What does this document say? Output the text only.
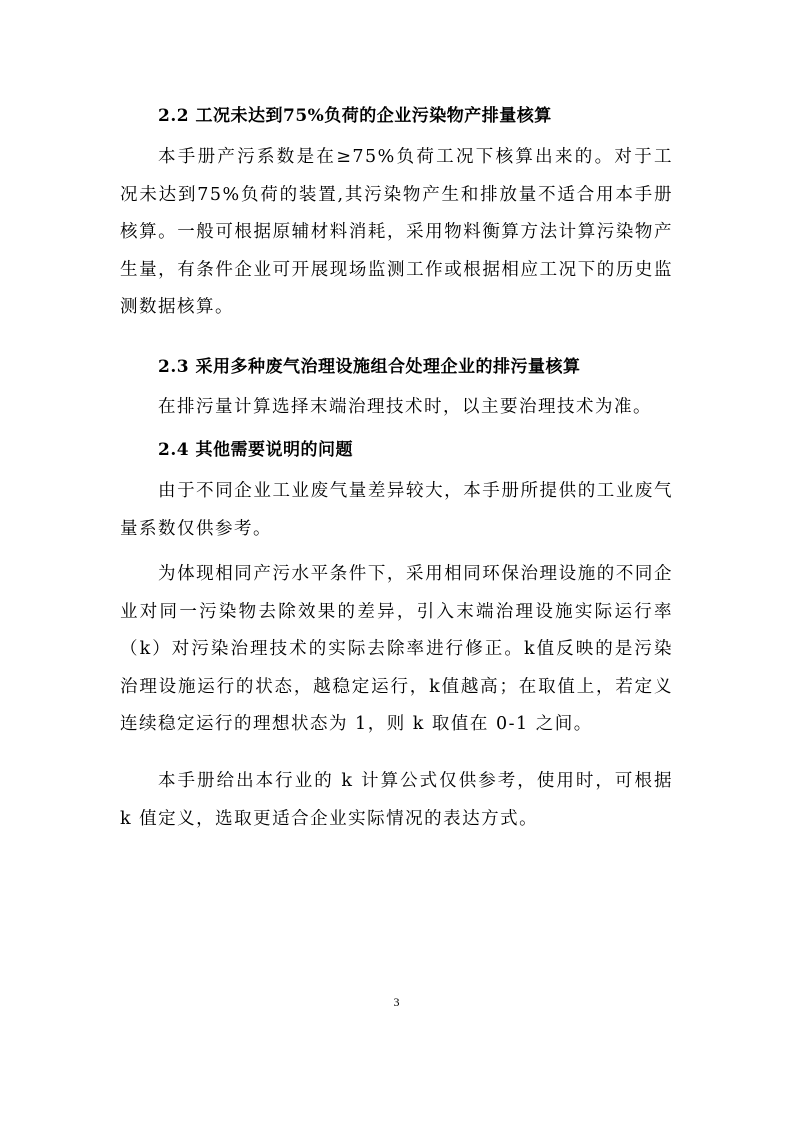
2.2 工况未达到75%负荷的企业污染物产排量核算
本手册产污系数是在≥75%负荷工况下核算出来的。对于工况未达到75%负荷的装置,其污染物产生和排放量不适合用本手册核算。一般可根据原辅材料消耗，采用物料衡算方法计算污染物产生量，有条件企业可开展现场监测工作或根据相应工况下的历史监测数据核算。
2.3 采用多种废气治理设施组合处理企业的排污量核算
在排污量计算选择末端治理技术时，以主要治理技术为准。
2.4 其他需要说明的问题
由于不同企业工业废气量差异较大，本手册所提供的工业废气量系数仅供参考。
为体现相同产污水平条件下，采用相同环保治理设施的不同企业对同一污染物去除效果的差异，引入末端治理设施实际运行率（k）对污染治理技术的实际去除率进行修正。k值反映的是污染治理设施运行的状态，越稳定运行，k值越高；在取值上，若定义连续稳定运行的理想状态为 1，则 k 取值在 0-1 之间。
本手册给出本行业的 k 计算公式仅供参考，使用时，可根据 k 值定义，选取更适合企业实际情况的表达方式。
3
